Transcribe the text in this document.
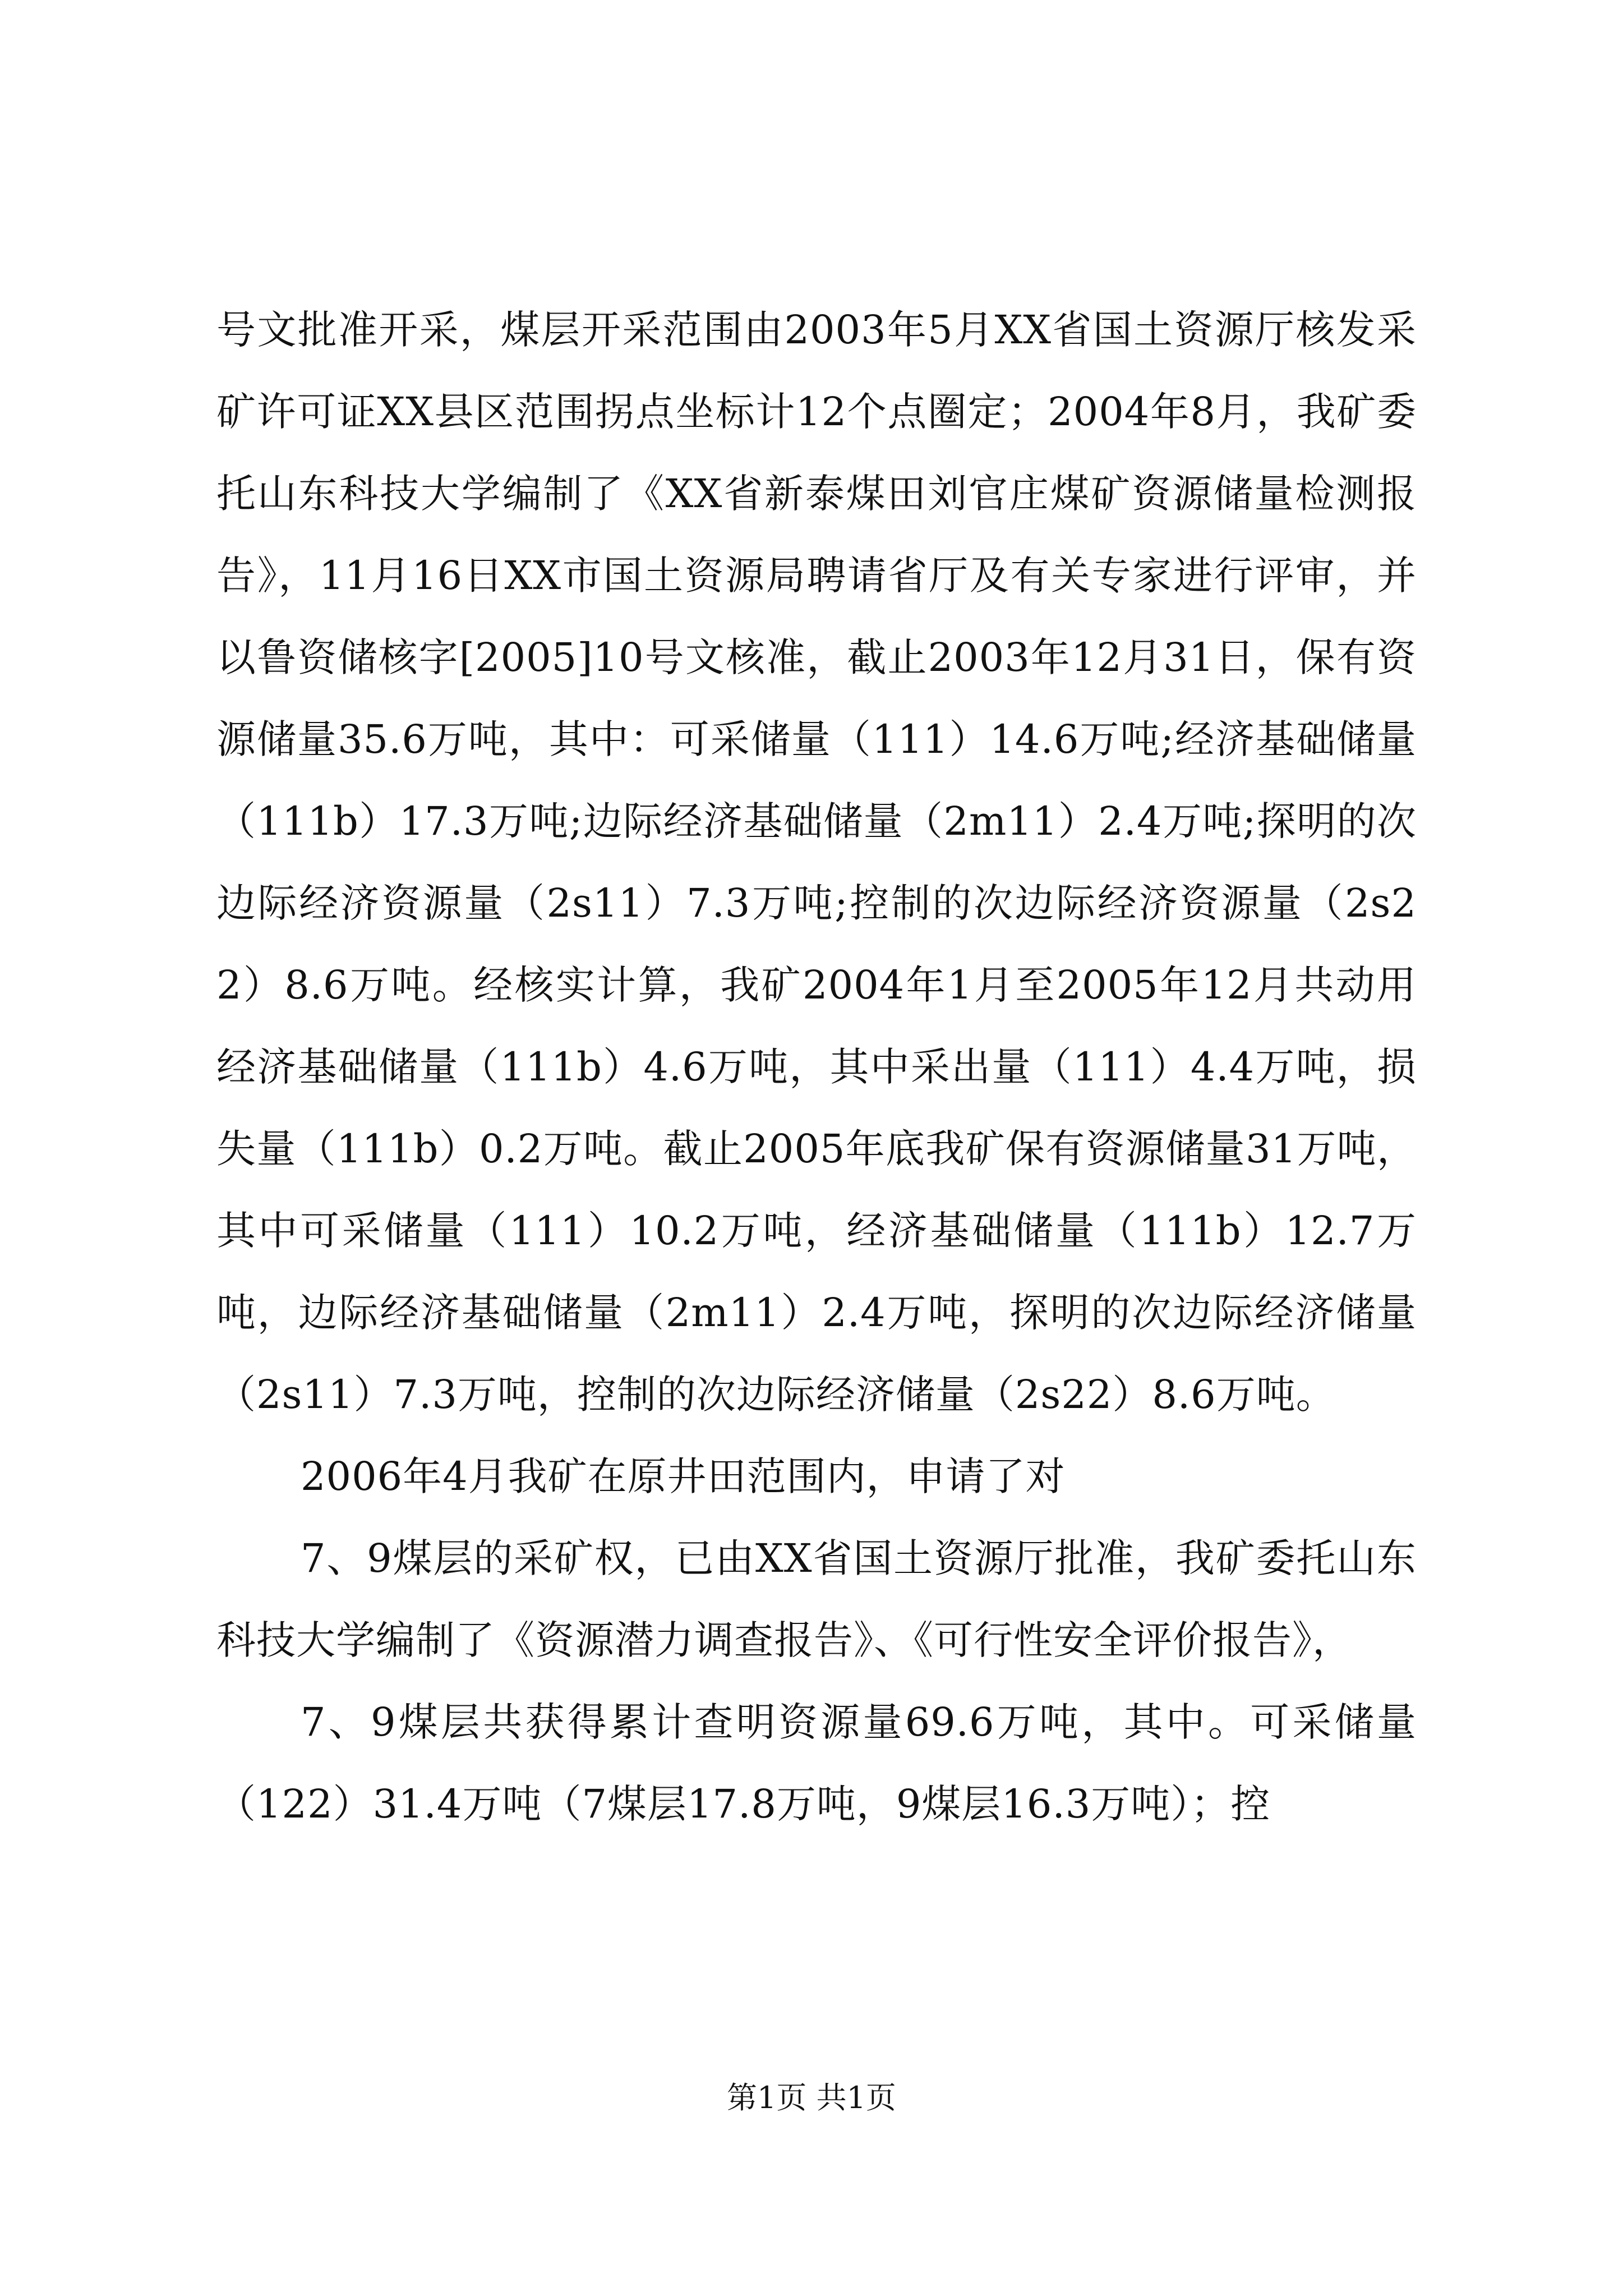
号文批准开采，煤层开采范围由2003年5月XX省国土资源厅核发采矿许可证XX县区范围拐点坐标计12个点圈定；2004年8月，我矿委托山东科技大学编制了《XX省新泰煤田刘官庄煤矿资源储量检测报告》，11月16日XX市国土资源局聘请省厅及有关专家进行评审，并以鲁资储核字[2005]10号文核准，截止2003年12月31日，保有资源储量35.6万吨，其中：可采储量（111）14.6万吨;经济基础储量（111b）17.3万吨;边际经济基础储量（2m11）2.4万吨;探明的次边际经济资源量（2s11）7.3万吨;控制的次边际经济资源量（2s22）8.6万吨。经核实计算，我矿2004年1月至2005年12月共动用经济基础储量（111b）4.6万吨，其中采出量（111）4.4万吨，损失量（111b）0.2万吨。截止2005年底我矿保有资源储量31万吨，其中可采储量（111）10.2万吨，经济基础储量（111b）12.7万吨，边际经济基础储量（2m11）2.4万吨，探明的次边际经济储量（2s11）7.3万吨，控制的次边际经济储量（2s22）8.6万吨。

2006年4月我矿在原井田范围内，申请了对

7、9煤层的采矿权，已由XX省国土资源厅批准，我矿委托山东科技大学编制了《资源潜力调查报告》、《可行性安全评价报告》，

7、9煤层共获得累计查明资源量69.6万吨，其中。可采储量（122）31.4万吨（7煤层17.8万吨，9煤层16.3万吨）；控

第1页 共1页
